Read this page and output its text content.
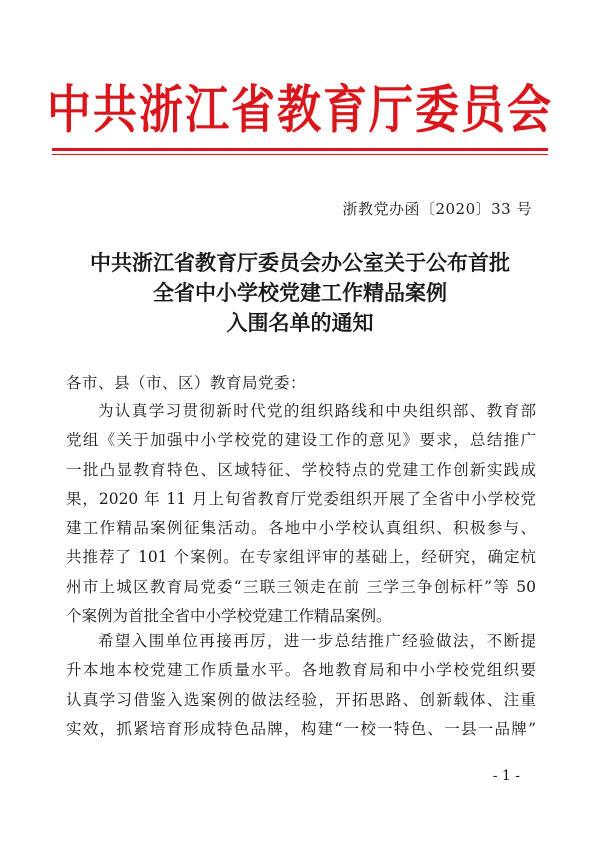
中共浙江省教育厅委员会
浙教党办函〔2020〕33 号
中共浙江省教育厅委员会办公室关于公布首批
全省中小学校党建工作精品案例
入围名单的通知
各市、县（市、区）教育局党委：
为认真学习贯彻新时代党的组织路线和中央组织部、教育部
党组《关于加强中小学校党的建设工作的意见》要求，总结推广
一批凸显教育特色、区域特征、学校特点的党建工作创新实践成
果，2020 年 11 月上旬省教育厅党委组织开展了全省中小学校党
建工作精品案例征集活动。各地中小学校认真组织、积极参与、
共推荐了 101 个案例。在专家组评审的基础上，经研究，确定杭
州市上城区教育局党委“三联三领走在前 三学三争创标杆”等 50
个案例为首批全省中小学校党建工作精品案例。
希望入围单位再接再厉，进一步总结推广经验做法，不断提
升本地本校党建工作质量水平。各地教育局和中小学校党组织要
认真学习借鉴入选案例的做法经验，开拓思路、创新载体、注重
实效，抓紧培育形成特色品牌，构建“一校一特色、一县一品牌”
- 1 -
